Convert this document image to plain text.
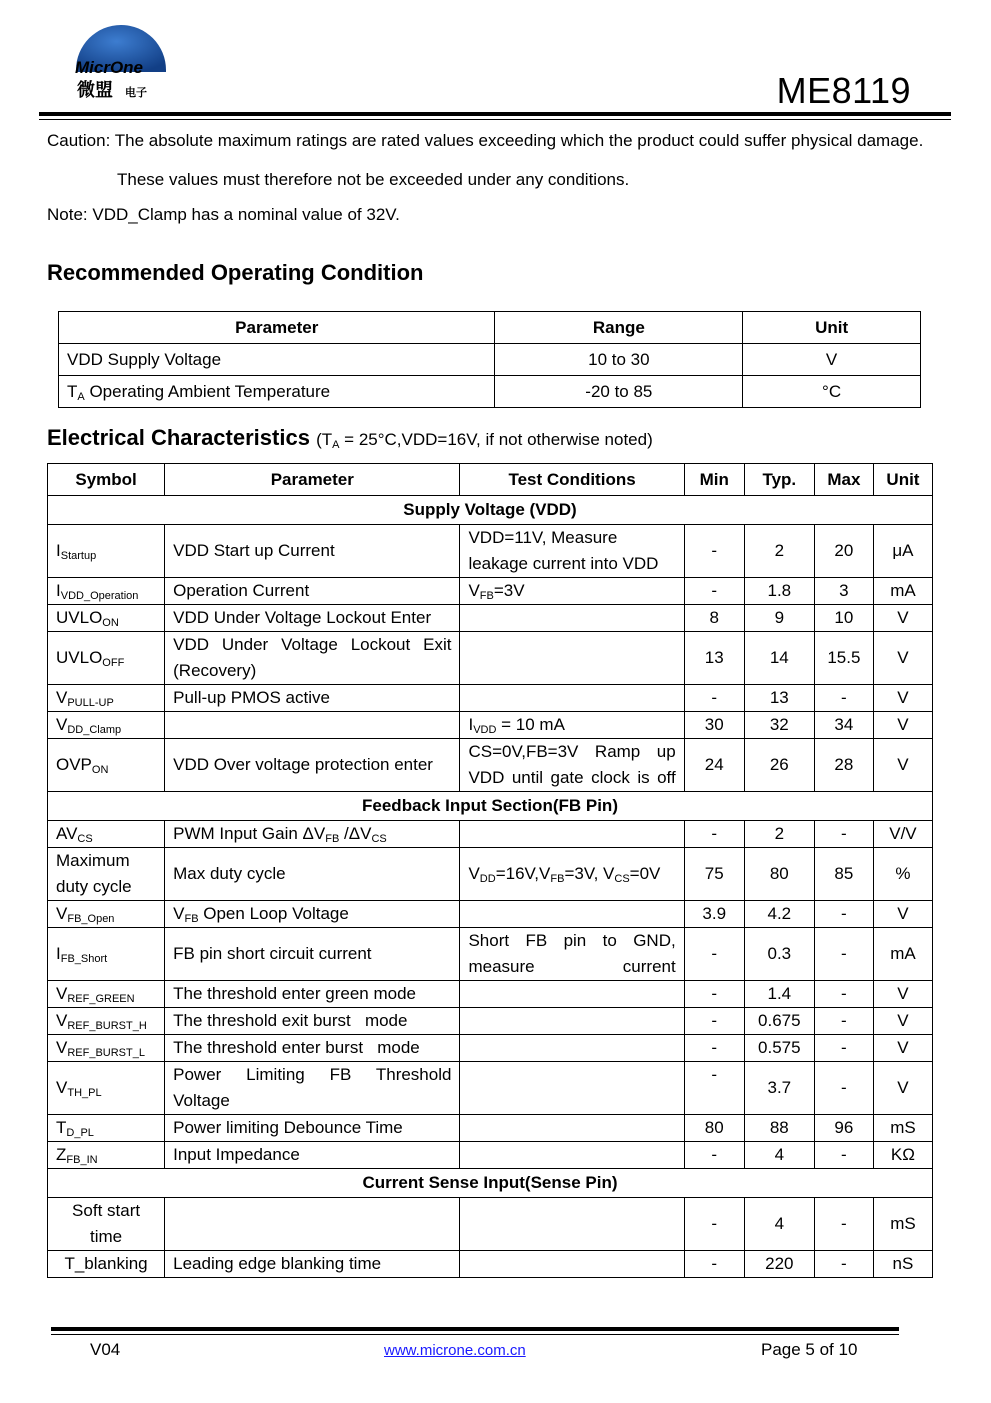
MicrOne
微盟 电子	ME8119
Caution: The absolute maximum ratings are rated values exceeding which the product could suffer physical damage.
These values must therefore not be exceeded under any conditions.
Note: VDD_Clamp has a nominal value of 32V.
Recommended Operating Condition
Parameter	Range	Unit
VDD Supply Voltage	10 to 30	V
$T_A$ Operating Ambient Temperature	-20 to 85	°C
Electrical Characteristics ($T_A = 25^\circ C,VDD=16V$, if not otherwise noted)
Symbol	Parameter	Test Conditions	Min	Typ.	Max	Unit
Supply Voltage (VDD)						
$I_{Startup}$	VDD Start up Current	VDD=11V, Measure leakage current into VDD	-	2	20	μA
$I_{VDD\_Operation}$	Operation Current	$V_{FB}=3V$	-	1.8	3	mA
$UVLO_{ON}$	VDD Under Voltage Lockout Enter		8	9	10	V
$UVLO_{OFF}$	VDD Under Voltage Lockout Exit (Recovery)		13	14	15.5	V
$V_{PULL-UP}$	Pull-up PMOS active		-	13	-	V
$V_{DD\_Clamp}$		$I_{VDD} = 10$ mA	30	32	34	V
$OVP_{ON}$	VDD Over voltage protection enter	CS=0V,FB=3V Ramp up VDD until gate clock is off	24	26	28	V
Feedback Input Section(FB Pin)						
$AV_{CS}$	PWM Input Gain $\Delta V_{FB}$ $/\Delta V_{CS}$		-	2	-	V/V
Maximum duty cycle	Max duty cycle	$V_{DD}=16V,V_{FB}=3V$, $V_{CS}=0V$	75	80	85	%
$V_{FB\_Open}$	$V_{FB}$ Open Loop Voltage		3.9	4.2	-	V
$I_{FB\_Short}$	FB pin short circuit current	Short FB pin to GND, measure current	-	0.3	-	mA
$V_{REF\_GREEN}$	The threshold enter green mode		-	1.4	-	V
$V_{REF\_BURST\_H}$	The threshold exit burst   mode		-	0.675	-	V
$V_{REF\_BURST\_L}$	The threshold enter burst   mode		-	0.575	-	V
$V_{TH\_PL}$	Power Limiting FB Threshold Voltage		-	3.7	-	V
$T_{D\_PL}$	Power limiting Debounce Time		80	88	96	mS
$Z_{FB\_IN}$	Input Impedance		-	4	-	KΩ
Current Sense Input(Sense Pin)						
Soft start time			-	4	-	mS
T_blanking	Leading edge blanking time		-	220	-	nS
V04	www.microne.com.cn	Page 5 of 10
